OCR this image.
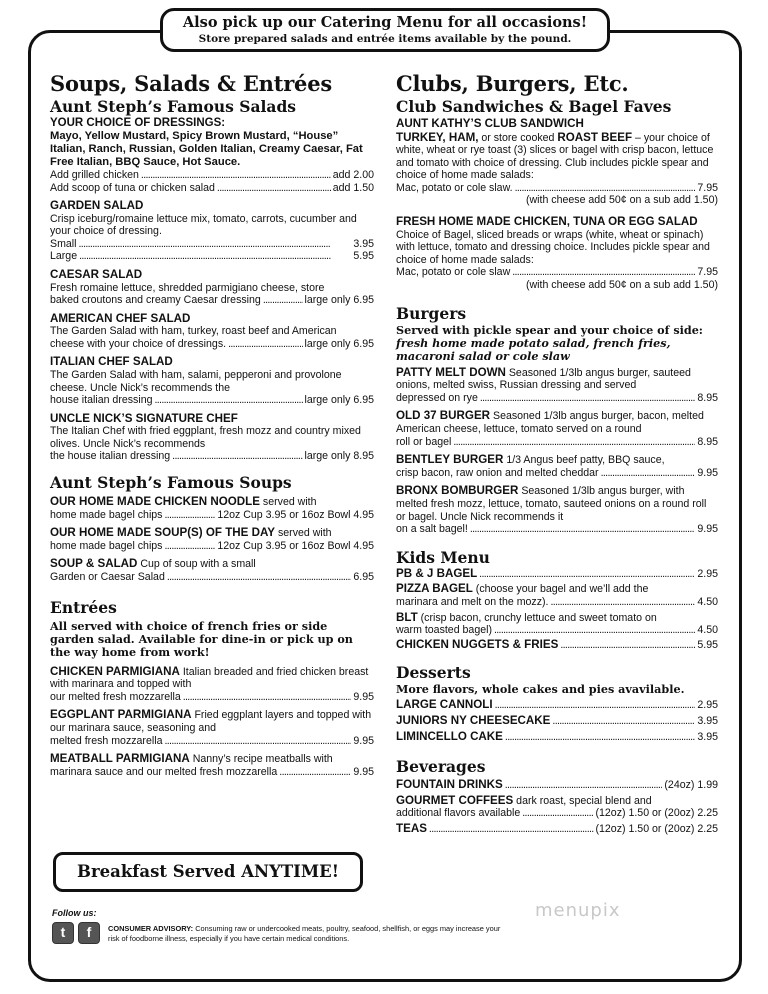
Also pick up our Catering Menu for all occasions!
Store prepared salads and entrée items available by the pound.
Soups, Salads & Entrées
Aunt Steph’s Famous Salads
YOUR CHOICE OF DRESSINGS:
Mayo, Yellow Mustard, Spicy Brown Mustard, “House” Italian, Ranch, Russian, Golden Italian, Creamy Caesar, Fat Free Italian, BBQ Sauce, Hot Sauce.
Add grilled chicken . . .	add 2.00
Add scoop of tuna or chicken salad . . .	add 1.50
GARDEN SALAD
Crisp iceburg/romaine lettuce mix, tomato, carrots, cucumber and your choice of dressing.
Small . . .	3.95
Large . . .	5.95
CAESAR SALAD
Fresh romaine lettuce, shredded parmigiano cheese, store
baked croutons and creamy Caesar dressing . . .	large only 6.95
AMERICAN CHEF SALAD
The Garden Salad with ham, turkey, roast beef and American
cheese with your choice of dressings. . . .	large only 6.95
ITALIAN CHEF SALAD
The Garden Salad with ham, salami, pepperoni and provolone cheese. Uncle Nick’s recommends the
house italian dressing . . .	large only 6.95
UNCLE NICK’S SIGNATURE CHEF
The Italian Chef with fried eggplant, fresh mozz and country mixed olives. Uncle Nick’s recommends
the house italian dressing . . .	large only 8.95
Aunt Steph’s Famous Soups
OUR HOME MADE CHICKEN NOODLE served with
home made bagel chips . . .	12oz Cup 3.95 or 16oz Bowl 4.95
OUR HOME MADE SOUP(S) OF THE DAY served with
home made bagel chips . . .	12oz Cup 3.95 or 16oz Bowl 4.95
SOUP & SALAD Cup of soup with a small
Garden or Caesar Salad . . .	6.95
Entrées
All served with choice of french fries or side garden salad. Available for dine-in or pick up on the way home from work!
CHICKEN PARMIGIANA Italian breaded and fried chicken breast with marinara and topped with
our melted fresh mozzarella . . .	9.95
EGGPLANT PARMIGIANA Fried eggplant layers and topped with our marinara sauce, seasoning and
melted fresh mozzarella . . .	9.95
MEATBALL PARMIGIANA Nanny’s recipe meatballs with
marinara sauce and our melted fresh mozzarella . . .	9.95
Breakfast Served ANYTIME!
Clubs, Burgers, Etc.
Club Sandwiches & Bagel Faves
AUNT KATHY’S CLUB SANDWICH
TURKEY, HAM, or store cooked ROAST BEEF – your choice of white, wheat or rye toast (3) slices or bagel with crisp bacon, lettuce and tomato with choice of dressing. Club includes pickle spear and choice of home made salads:
Mac, potato or cole slaw. . . .	7.95
(with cheese add 50¢ on a sub add 1.50)
FRESH HOME MADE CHICKEN, TUNA OR EGG SALAD Choice of Bagel, sliced breads or wraps (white, wheat or spinach) with lettuce, tomato and dressing choice. Includes pickle spear and choice of home made salads:
Mac, potato or cole slaw . . .	7.95
(with cheese add 50¢ on a sub add 1.50)
Burgers
Served with pickle spear and your choice of side: fresh home made potato salad, french fries, macaroni salad or cole slaw
PATTY MELT DOWN Seasoned 1/3lb angus burger, sauteed onions, melted swiss, Russian dressing and served
depressed on rye . . .	8.95
OLD 37 BURGER Seasoned 1/3lb angus burger, bacon, melted American cheese, lettuce, tomato served on a round
roll or bagel . . .	8.95
BENTLEY BURGER 1/3 Angus beef patty, BBQ sauce,
crisp bacon, raw onion and melted cheddar . . .	9.95
BRONX BOMBURGER Seasoned 1/3lb angus burger, with melted fresh mozz, lettuce, tomato, sauteed onions on a round roll or bagel. Uncle Nick recommends it
on a salt bagel! . . .	9.95
Kids Menu
PB & J BAGEL . . .	2.95
PIZZA BAGEL (choose your bagel and we’ll add the
marinara and melt on the mozz). . . .	4.50
BLT (crisp bacon, crunchy lettuce and sweet tomato on
warm toasted bagel) . . .	4.50
CHICKEN NUGGETS & FRIES . . .	5.95
Desserts
More flavors, whole cakes and pies avavilable.
LARGE CANNOLI . . .	2.95
JUNIORS NY CHEESECAKE . . .	3.95
LIMINCELLO CAKE . . .	3.95
Beverages
FOUNTAIN DRINKS . . .	(24oz) 1.99
GOURMET COFFEES dark roast, special blend and
additional flavors available . . .	(12oz) 1.50 or (20oz) 2.25
TEAS . . .	(12oz) 1.50 or (20oz) 2.25
Follow us:
t	f	CONSUMER ADVISORY: Consuming raw or undercooked meats, poultry, seafood, shellfish, or eggs may increase your risk of foodborne illness, especially if you have certain medical conditions.
menupix
